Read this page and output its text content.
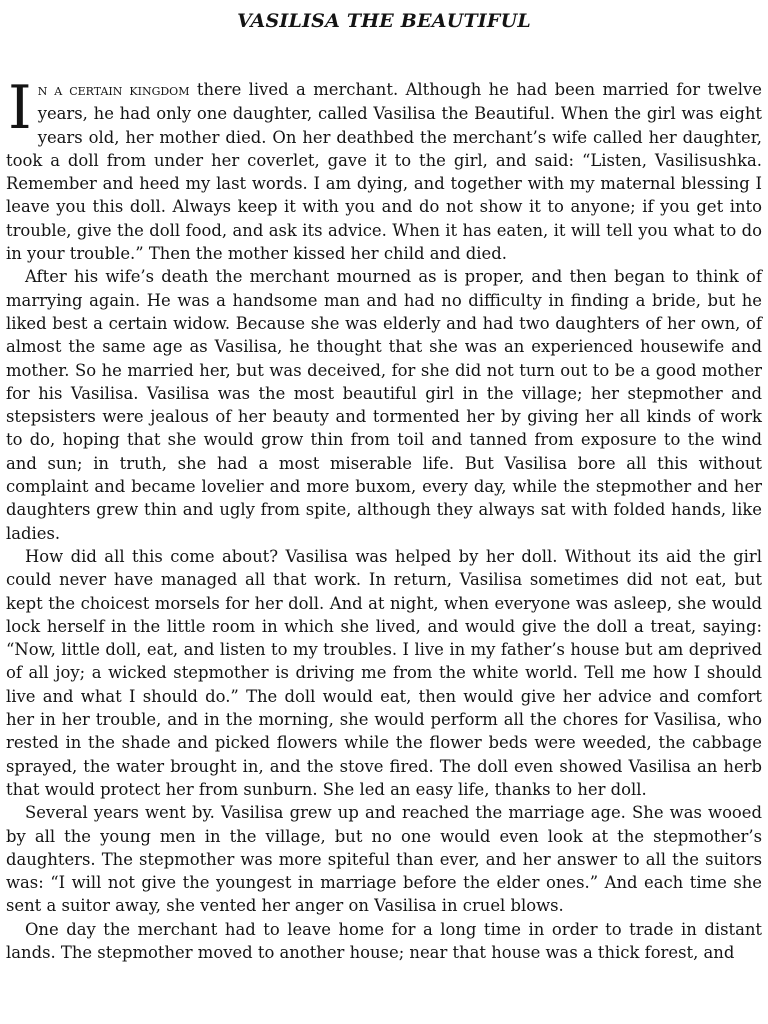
VASILISA THE BEAUTIFUL

In a certain kingdom there lived a merchant. Although he had been married for twelve years, he had only one daughter, called Vasilisa the Beautiful. When the girl was eight years old, her mother died. On her deathbed the merchant’s wife called her daughter, took a doll from under her coverlet, gave it to the girl, and said: “Listen, Vasilisushka. Remember and heed my last words. I am dying, and together with my maternal blessing I leave you this doll. Always keep it with you and do not show it to anyone; if you get into trouble, give the doll food, and ask its advice. When it has eaten, it will tell you what to do in your trouble.” Then the mother kissed her child and died.

After his wife’s death the merchant mourned as is proper, and then began to think of marrying again. He was a handsome man and had no difficulty in finding a bride, but he liked best a certain widow. Because she was elderly and had two daughters of her own, of almost the same age as Vasilisa, he thought that she was an experienced housewife and mother. So he married her, but was deceived, for she did not turn out to be a good mother for his Vasilisa. Vasilisa was the most beautiful girl in the village; her stepmother and stepsisters were jealous of her beauty and tormented her by giving her all kinds of work to do, hoping that she would grow thin from toil and tanned from exposure to the wind and sun; in truth, she had a most miserable life. But Vasilisa bore all this without complaint and became lovelier and more buxom, every day, while the stepmother and her daughters grew thin and ugly from spite, although they always sat with folded hands, like ladies.

How did all this come about? Vasilisa was helped by her doll. Without its aid the girl could never have managed all that work. In return, Vasilisa sometimes did not eat, but kept the choicest morsels for her doll. And at night, when everyone was asleep, she would lock herself in the little room in which she lived, and would give the doll a treat, saying: “Now, little doll, eat, and listen to my troubles. I live in my father’s house but am deprived of all joy; a wicked stepmother is driving me from the white world. Tell me how I should live and what I should do.” The doll would eat, then would give her advice and comfort her in her trouble, and in the morning, she would perform all the chores for Vasilisa, who rested in the shade and picked flowers while the flower beds were weeded, the cabbage sprayed, the water brought in, and the stove fired. The doll even showed Vasilisa an herb that would protect her from sunburn. She led an easy life, thanks to her doll.

Several years went by. Vasilisa grew up and reached the marriage age. She was wooed by all the young men in the village, but no one would even look at the stepmother’s daughters. The stepmother was more spiteful than ever, and her answer to all the suitors was: “I will not give the youngest in marriage before the elder ones.” And each time she sent a suitor away, she vented her anger on Vasilisa in cruel blows.

One day the merchant had to leave home for a long time in order to trade in distant lands. The stepmother moved to another house; near that house was a thick forest, and
